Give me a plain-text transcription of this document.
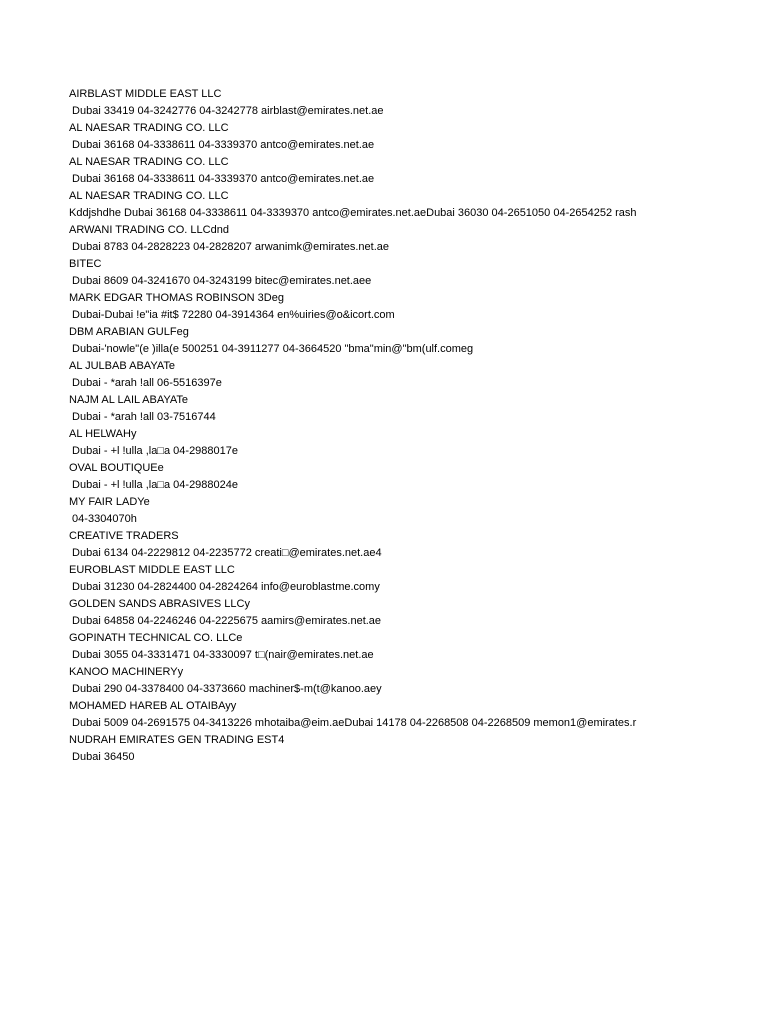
AIRBLAST MIDDLE EAST LLC
Dubai 33419 04-3242776 04-3242778 airblast@emirates.net.ae
AL NAESAR TRADING CO. LLC
Dubai 36168 04-3338611 04-3339370 antco@emirates.net.ae
AL NAESAR TRADING CO. LLC
Dubai 36168 04-3338611 04-3339370 antco@emirates.net.ae
AL NAESAR TRADING CO. LLC
Kddjshdhe Dubai 36168 04-3338611 04-3339370 antco@emirates.net.aeDubai 36030 04-2651050 04-2654252 rash
ARWANI TRADING CO. LLCdnd
Dubai 8783 04-2828223 04-2828207 arwanimk@emirates.net.ae
BITEC
Dubai 8609 04-3241670 04-3243199 bitec@emirates.net.aee
MARK EDGAR THOMAS ROBINSON 3Deg
Dubai-Dubai !e"ia #it$ 72280 04-3914364 en%uiries@o&icort.com
DBM ARABIAN GULFeg
Dubai-'nowle"(e )illa(e 500251 04-3911277 04-3664520 "bma"min@"bm(ulf.comeg
AL JULBAB ABAYATe
Dubai - *arah !all 06-5516397e
NAJM AL LAIL ABAYATe
Dubai - *arah !all 03-7516744
AL HELWAHy
Dubai - +l !ulla ,la□a 04-2988017e
OVAL BOUTIQUEe
Dubai - +l !ulla ,la□a 04-2988024e
MY FAIR LADYe
04-3304070h
CREATIVE TRADERS
Dubai 6134 04-2229812 04-2235772 creati□@emirates.net.ae4
EUROBLAST MIDDLE EAST LLC
Dubai 31230 04-2824400 04-2824264 info@euroblastme.comy
GOLDEN SANDS ABRASIVES LLCy
Dubai 64858 04-2246246 04-2225675 aamirs@emirates.net.ae
GOPINATH TECHNICAL CO. LLCe
Dubai 3055 04-3331471 04-3330097 t□(nair@emirates.net.ae
KANOO MACHINERYy
Dubai 290 04-3378400 04-3373660 machiner$-m(t@kanoo.aey
MOHAMED HAREB AL OTAIBAyy
Dubai 5009 04-2691575 04-3413226 mhotaiba@eim.aeDubai 14178 04-2268508 04-2268509 memon1@emirates.r
NUDRAH EMIRATES GEN TRADING EST4
Dubai 36450
